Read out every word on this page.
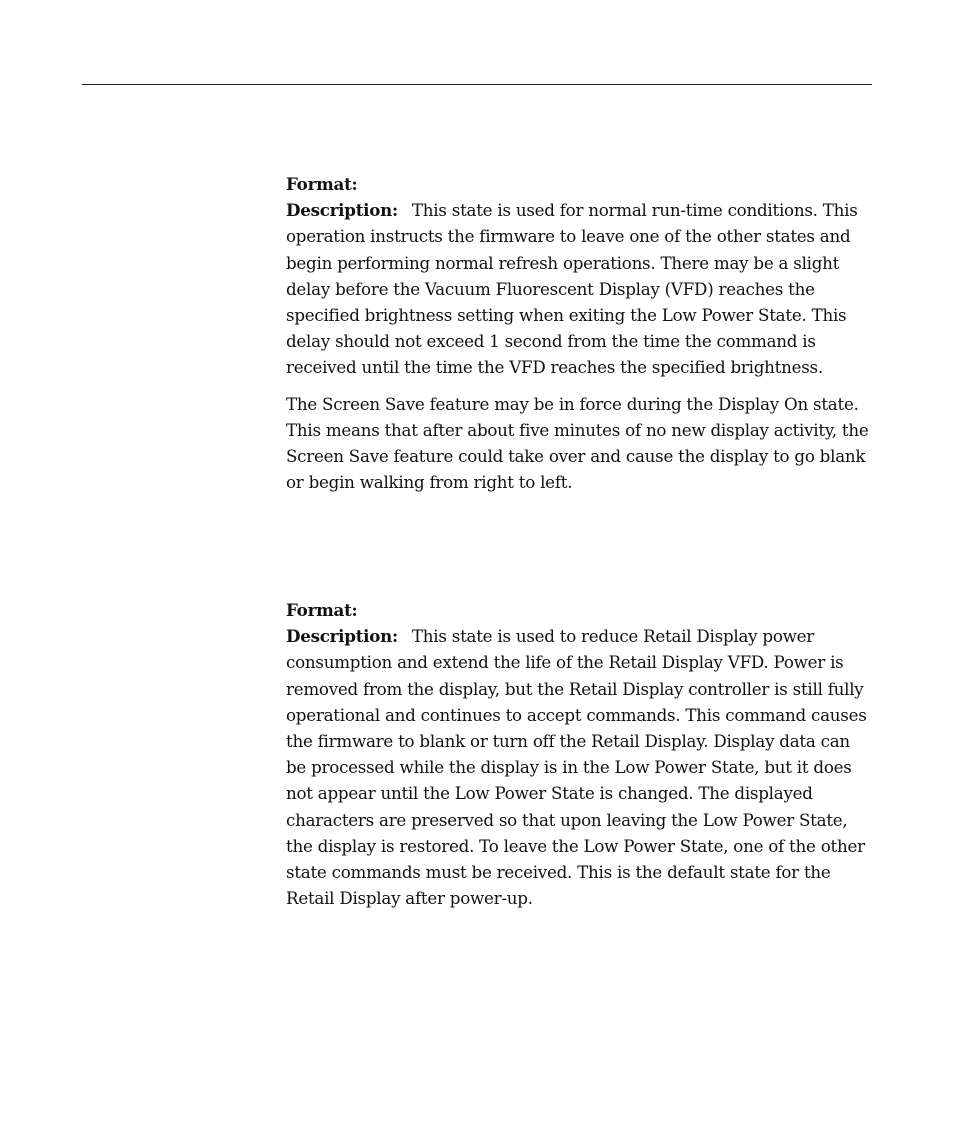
Format:

Description: This state is used for normal run-time conditions. This operation instructs the firmware to leave one of the other states and begin performing normal refresh operations. There may be a slight delay before the Vacuum Fluorescent Display (VFD) reaches the specified brightness setting when exiting the Low Power State. This delay should not exceed 1 second from the time the command is received until the time the VFD reaches the specified brightness.

The Screen Save feature may be in force during the Display On state. This means that after about five minutes of no new display activity, the Screen Save feature could take over and cause the display to go blank or begin walking from right to left.

Format:

Description: This state is used to reduce Retail Display power consumption and extend the life of the Retail Display VFD. Power is removed from the display, but the Retail Display controller is still fully operational and continues to accept commands. This command causes the firmware to blank or turn off the Retail Display. Display data can be processed while the display is in the Low Power State, but it does not appear until the Low Power State is changed. The displayed characters are preserved so that upon leaving the Low Power State, the display is restored. To leave the Low Power State, one of the other state commands must be received. This is the default state for the Retail Display after power-up.
